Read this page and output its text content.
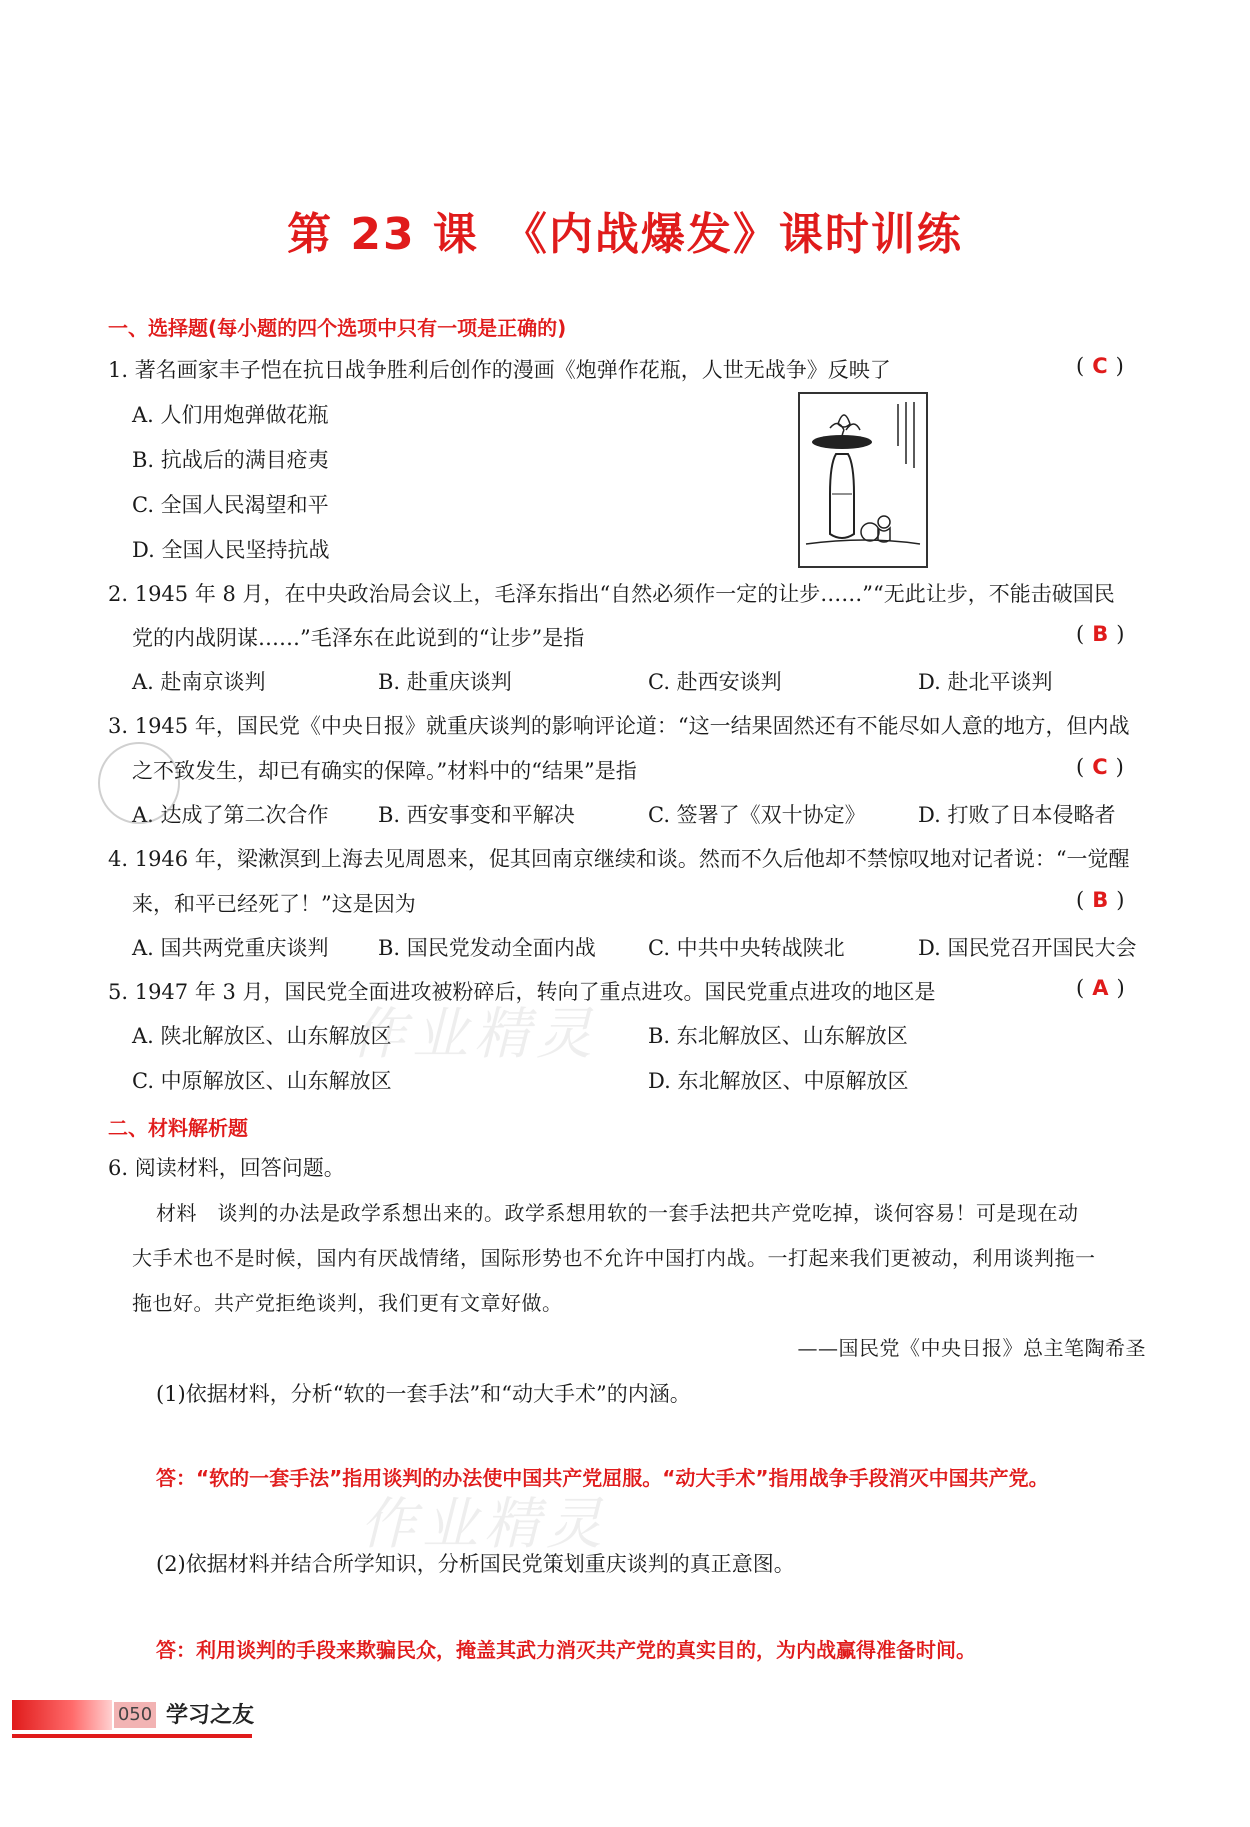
第 23 课　《内战爆发》课时训练
一、选择题(每小题的四个选项中只有一项是正确的)
1. 著名画家丰子恺在抗日战争胜利后创作的漫画《炮弹作花瓶，人世无战争》反映了	( C )
A. 人们用炮弹做花瓶
B. 抗战后的满目疮夷
C. 全国人民渴望和平
D. 全国人民坚持抗战
2. 1945 年 8 月，在中央政治局会议上，毛泽东指出“自然必须作一定的让步……”“无此让步，不能击破国民
党的内战阴谋……”毛泽东在此说到的“让步”是指	( B )
A. 赴南京谈判	B. 赴重庆谈判	C. 赴西安谈判	D. 赴北平谈判
3. 1945 年，国民党《中央日报》就重庆谈判的影响评论道：“这一结果固然还有不能尽如人意的地方，但内战
之不致发生，却已有确实的保障。”材料中的“结果”是指	( C )
A. 达成了第二次合作 B. 西安事变和平解决	C. 签署了《双十协定》 D. 打败了日本侵略者
4. 1946 年，梁漱溟到上海去见周恩来，促其回南京继续和谈。然而不久后他却不禁惊叹地对记者说：“一觉醒
来，和平已经死了！”这是因为	( B )
A. 国共两党重庆谈判 B. 国民党发动全面内战 C. 中共中央转战陕北	D. 国民党召开国民大会
5. 1947 年 3 月，国民党全面进攻被粉碎后，转向了重点进攻。国民党重点进攻的地区是	( A )
A. 陕北解放区、山东解放区	B. 东北解放区、山东解放区
C. 中原解放区、山东解放区	D. 东北解放区、中原解放区
作业精灵
二、材料解析题
6. 阅读材料，回答问题。
材料　谈判的办法是政学系想出来的。政学系想用软的一套手法把共产党吃掉，谈何容易！可是现在动
大手术也不是时候，国内有厌战情绪，国际形势也不允许中国打内战。一打起来我们更被动，利用谈判拖一
拖也好。共产党拒绝谈判，我们更有文章好做。
——国民党《中央日报》总主笔陶希圣
(1)依据材料，分析“软的一套手法”和“动大手术”的内涵。
答：“软的一套手法”指用谈判的办法使中国共产党屈服。“动大手术”指用战争手段消灭中国共产党。
作业精灵
(2)依据材料并结合所学知识，分析国民党策划重庆谈判的真正意图。
答：利用谈判的手段来欺骗民众，掩盖其武力消灭共产党的真实目的，为内战赢得准备时间。
050 学习之友
